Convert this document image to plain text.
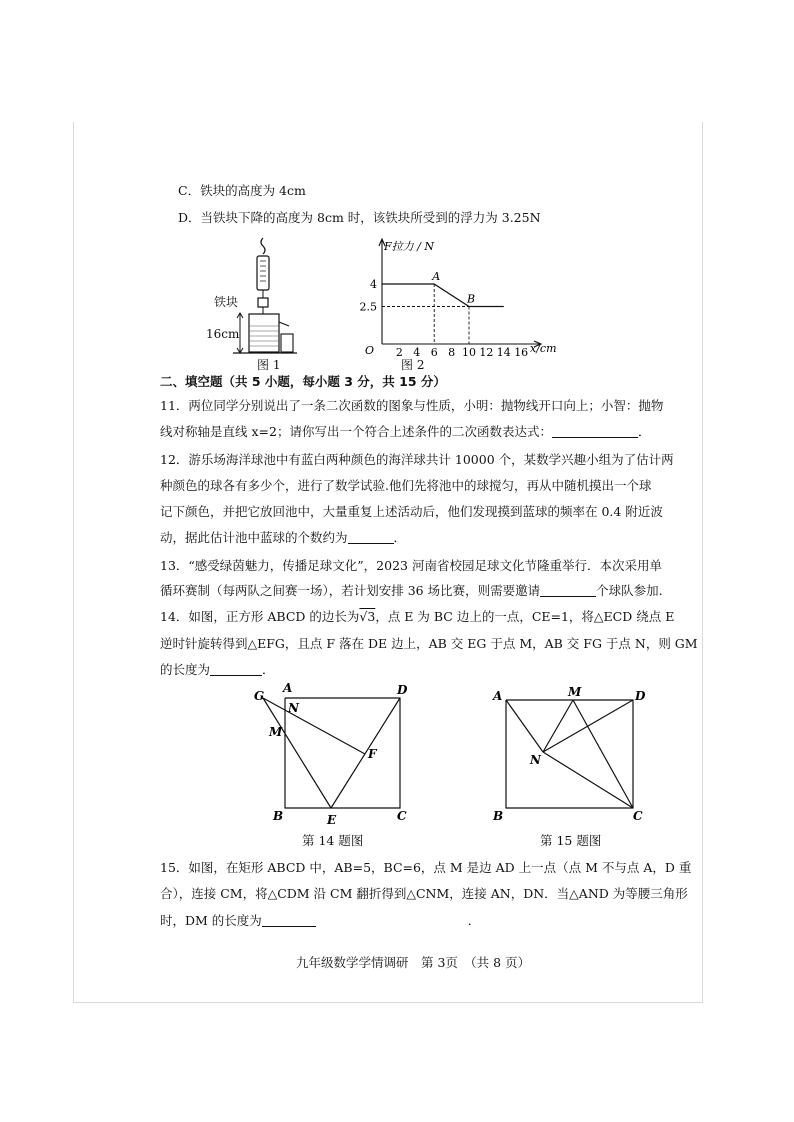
C．铁块的高度为 4cm
D．当铁块下降的高度为 8cm 时，该铁块所受到的浮力为 3.25N
铁块
16cm
图 1
F拉力 / N
x/cm
O 2 4 6 8 10 12 14 16
4
2.5
A
B
图 2
二、填空题（共 5 小题，每小题 3 分，共 15 分）
11．两位同学分别说出了一条二次函数的图象与性质，小明：抛物线开口向上；小智：抛物
线对称轴是直线 x=2；请你写出一个符合上述条件的二次函数表达式：	．
12．游乐场海洋球池中有蓝白两种颜色的海洋球共计 10000 个，某数学兴趣小组为了估计两
种颜色的球各有多少个，进行了数学试验.他们先将池中的球搅匀，再从中随机摸出一个球
记下颜色，并把它放回池中，大量重复上述活动后，他们发现摸到蓝球的频率在 0.4 附近波
动，据此估计池中蓝球的个数约为	．
13．“感受绿茵魅力，传播足球文化”，2023 河南省校园足球文化节隆重举行．本次采用单
循环赛制（每两队之间赛一场），若计划安排 36 场比赛，则需要邀请	个球队参加.
14．如图，正方形 ABCD 的边长为√3，点 E 为 BC 边上的一点，CE=1，将△ECD 绕点 E
逆时针旋转得到△EFG，且点 F 落在 DE 边上，AB 交 EG 于点 M，AB 交 FG 于点 N，则 GM
的长度为	．
G
A	D
N
M
F
B	E	C
第 14 题图
A	M	D
N
B	C
第 15 题图
15．如图，在矩形 ABCD 中，AB=5，BC=6，点 M 是边 AD 上一点（点 M 不与点 A，D 重
合），连接 CM，将△CDM 沿 CM 翻折得到△CNM，连接 AN，DN．当△AND 为等腰三角形
时，DM 的长度为	．
九年级数学学情调研　第 3页　（共 8 页）
